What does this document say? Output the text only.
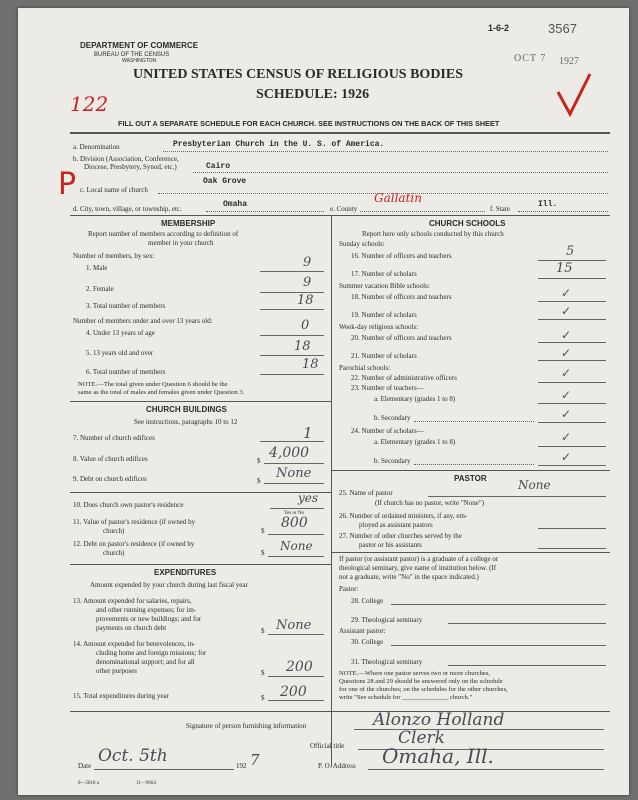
1-6-2	3567
OCT 7 1927
DEPARTMENT OF COMMERCE
BUREAU OF THE CENSUS
WASHINGTON
UNITED STATES CENSUS OF RELIGIOUS BODIES
SCHEDULE: 1926
122
FILL OUT A SEPARATE SCHEDULE FOR EACH CHURCH. SEE INSTRUCTIONS ON THE BACK OF THIS SHEET
a. Denomination	Presbyterian Church in the U. S. of America.
b. Division (Association, Conference,
Diocese, Presbytery, Synod, etc.)	Cairo
P c. Local name of church
Oak Grove
d. City, town, village, or township, etc.	Omaha	e. County
Gallatin
f. State	Ill.
MEMBERSHIP
Report number of members according to definition of
member in your church
Number of members, by sex:
1. Male	9
2. Female	9
3. Total number of members	18
Number of members under and over 13 years old:
4. Under 13 years of age	0
5. 13 years old and over	18
6. Total number of members	18
NOTE.—The total given under Question 6 should be the
same as the total of males and females given under Question 3.
CHURCH BUILDINGS
See instructions, paragraphs 10 to 12
7. Number of church edifices	1
8. Value of church edifices	$ 4,000
9. Debt on church edifices	$ None
10. Does church own pastor's residence	yes
Yes or No
11. Value of pastor's residence (if owned by
church)	$ 800
12. Debt on pastor's residence (if owned by
church)	$ None
EXPENDITURES
Amount expended by your church during last fiscal year
13. Amount expended for salaries, repairs,
and other running expenses; for im-
provements or new buildings; and for
payments on church debt	$ None
14. Amount expended for benevolences, in-
cluding home and foreign missions; for
denominational support; and for all
other purposes	$ 200
15. Total expenditures during year	$ 200
CHURCH SCHOOLS
Report here only schools conducted by this church
Sunday schools:
16. Number of officers and teachers	5
17. Number of scholars	15
Summer vacation Bible schools:
18. Number of officers and teachers	✓
19. Number of scholars	✓
Week-day religious schools:
20. Number of officers and teachers	✓
21. Number of scholars	✓
Parochial schools:
22. Number of administrative officers	✓
23. Number of teachers—
a. Elementary (grades 1 to 8)	✓
b. Secondary	✓
24. Number of scholars—
a. Elementary (grades 1 to 8)	✓
b. Secondary	✓
PASTOR
25. Name of pastor
None
(If church has no pastor, write "None")
26. Number of ordained ministers, if any, em-
ployed as assistant pastors
27. Number of other churches served by the
pastor or his assistants
If pastor (or assistant pastor) is a graduate of a college or
theological seminary, give name of institution below. (If
not a graduate, write "No" in the space indicated.)
Pastor:
28. College
29. Theological seminary
Assistant pastor:
30. College
31. Theological seminary
NOTE.—Where one pastor serves two or more churches,
Questions 28 and 29 should be answered only on the schedule
for one of the churches; on the schedules for the other churches,
write "See schedule for ______________ church."
Signature of person furnishing information	Alonzo Holland
Official title	Clerk
Date Oct. 5th	192 7	P. O. Address Omaha, Ill.
8—5818 a	11—9664
